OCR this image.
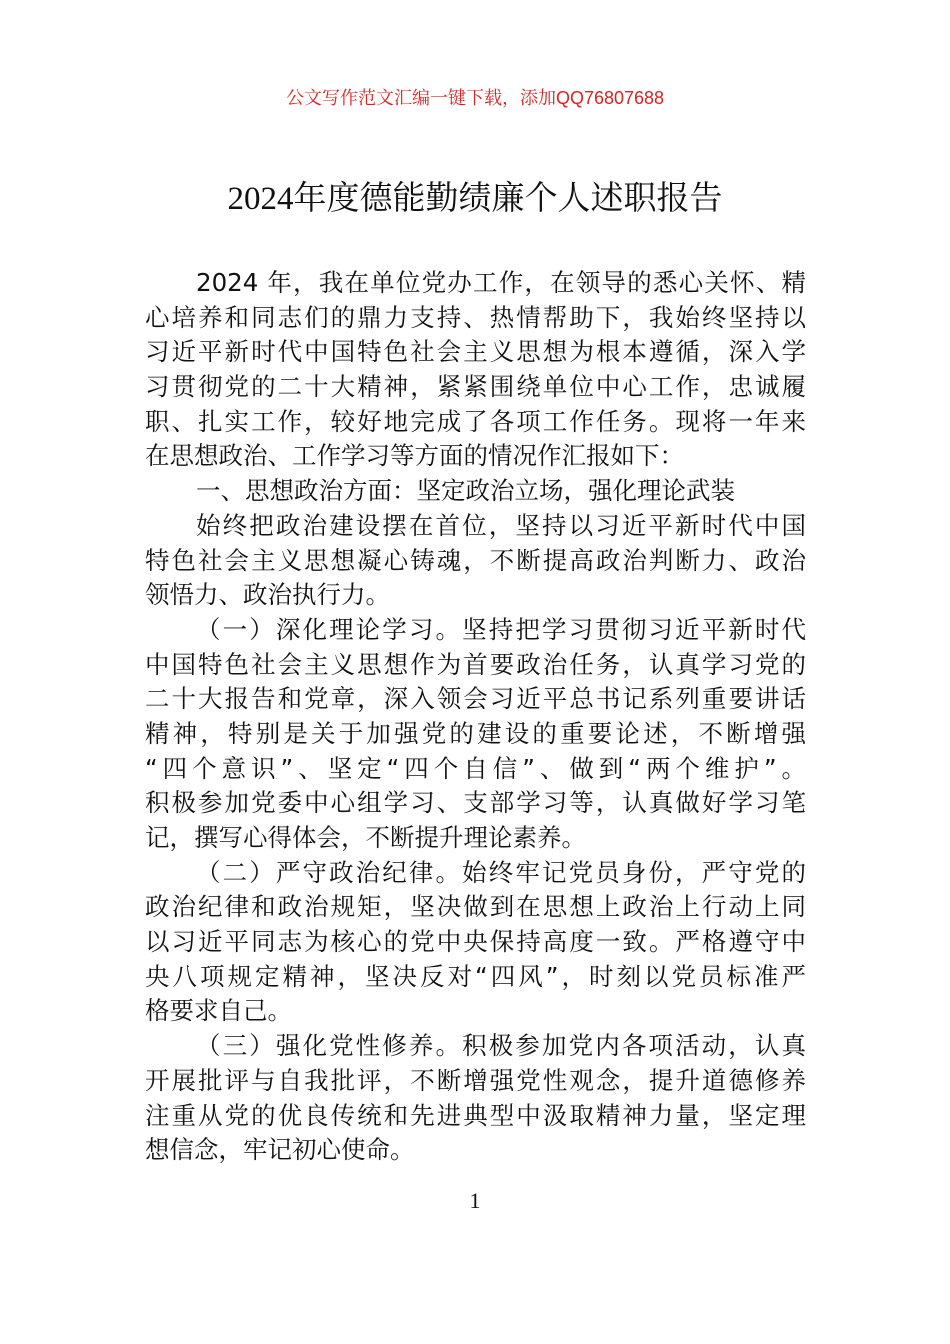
公文写作范文汇编一键下载，添加QQ76807688
2024年度德能勤绩廉个人述职报告
2024 年，我在单位党办工作，在领导的悉心关怀、精
心培养和同志们的鼎力支持、热情帮助下，我始终坚持以
习近平新时代中国特色社会主义思想为根本遵循，深入学
习贯彻党的二十大精神，紧紧围绕单位中心工作，忠诚履
职、扎实工作，较好地完成了各项工作任务。现将一年来
在思想政治、工作学习等方面的情况作汇报如下：
一、思想政治方面：坚定政治立场，强化理论武装
始终把政治建设摆在首位，坚持以习近平新时代中国
特色社会主义思想凝心铸魂，不断提高政治判断力、政治
领悟力、政治执行力。
（一）深化理论学习。坚持把学习贯彻习近平新时代
中国特色社会主义思想作为首要政治任务，认真学习党的
二十大报告和党章，深入领会习近平总书记系列重要讲话
精神，特别是关于加强党的建设的重要论述，不断增强
“四个意识”、坚定“四个自信”、做到“两个维护”。
积极参加党委中心组学习、支部学习等，认真做好学习笔
记，撰写心得体会，不断提升理论素养。
（二）严守政治纪律。始终牢记党员身份，严守党的
政治纪律和政治规矩，坚决做到在思想上政治上行动上同
以习近平同志为核心的党中央保持高度一致。严格遵守中
央八项规定精神，坚决反对“四风”，时刻以党员标准严
格要求自己。
（三）强化党性修养。积极参加党内各项活动，认真
开展批评与自我批评，不断增强党性观念，提升道德修养
注重从党的优良传统和先进典型中汲取精神力量，坚定理
想信念，牢记初心使命。
1
